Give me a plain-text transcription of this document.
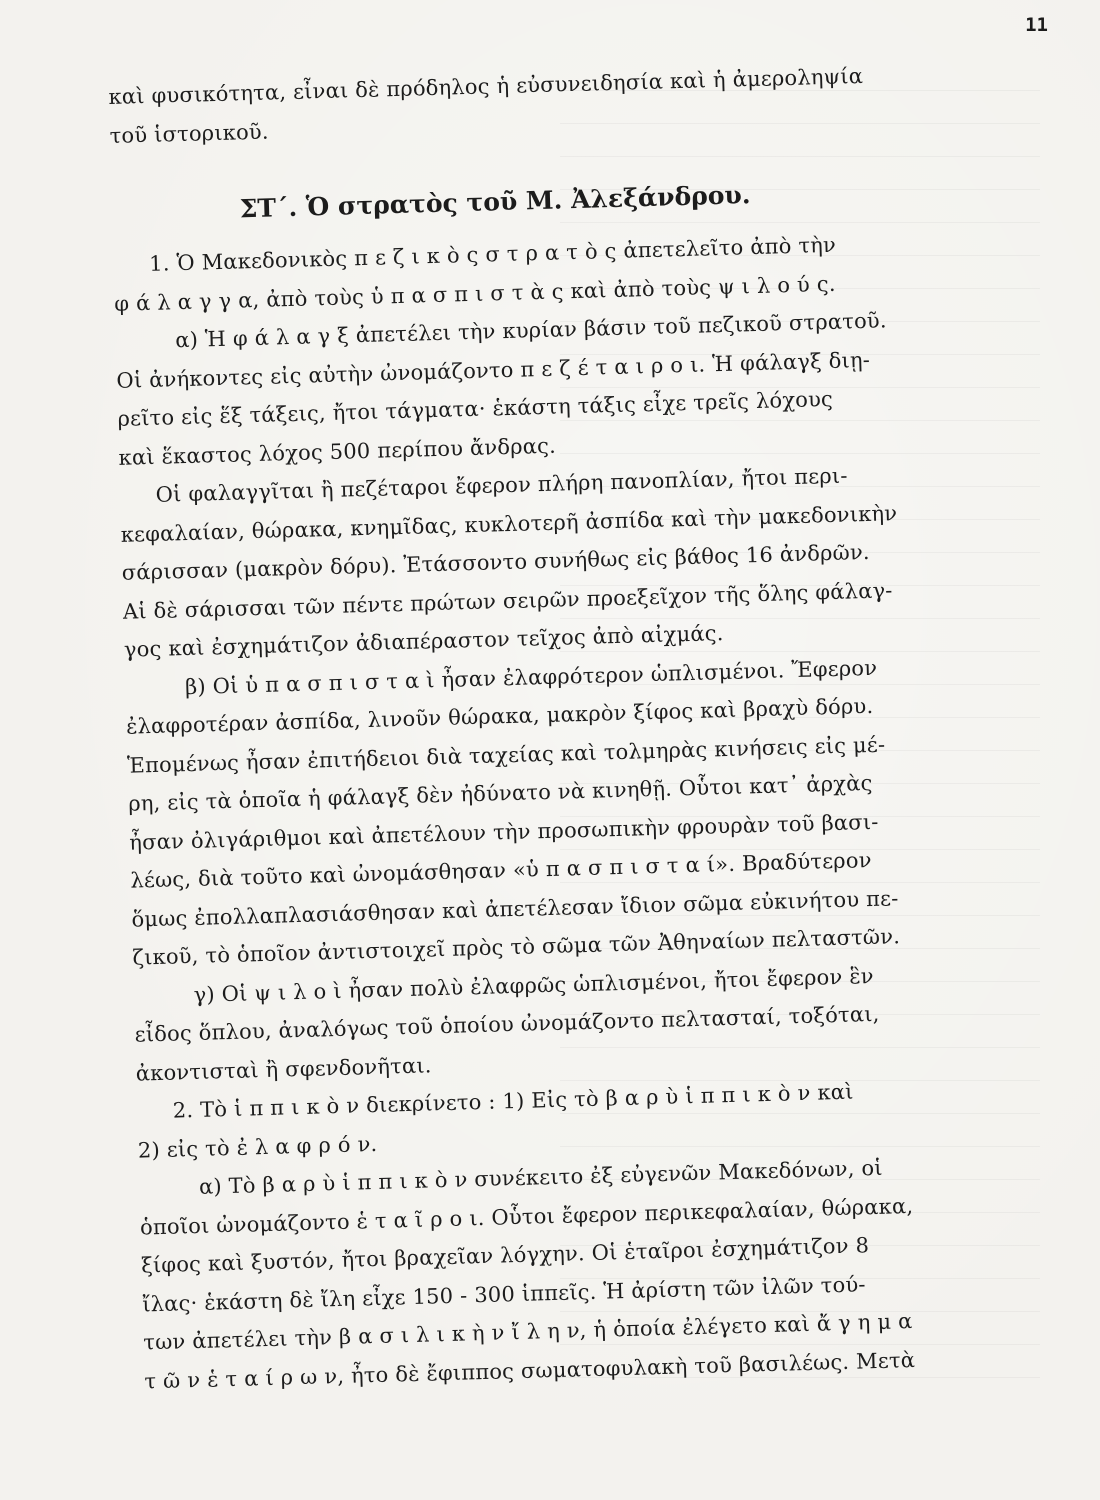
11
καὶ φυσικότητα, εἶναι δὲ πρόδηλος ἡ εὐσυνειδησία καὶ ἡ ἀμεροληψία
τοῦ ἱστορικοῦ.
ΣΤ΄. Ὁ στρατὸς τοῦ Μ. Ἀλεξάνδρου.
1. Ὁ Μακεδονικὸς π ε ζ ι κ ὸ ς σ τ ρ α τ ὸ ς ἀπετελεῖτο ἀπὸ τὴν
φ ά λ α γ γ α, ἀπὸ τοὺς ὑ π α σ π ι σ τ ὰ ς καὶ ἀπὸ τοὺς ψ ι λ ο ύ ς.
α) Ἡ φ ά λ α γ ξ ἀπετέλει τὴν κυρίαν βάσιν τοῦ πεζικοῦ στρατοῦ.
Οἱ ἀνήκοντες εἰς αὐτὴν ὠνομάζοντο π ε ζ έ τ α ι ρ ο ι. Ἡ φάλαγξ διῃ-
ρεῖτο εἰς ἕξ τάξεις, ἤτοι τάγματα· ἑκάστη τάξις εἶχε τρεῖς λόχους
καὶ ἕκαστος λόχος 500 περίπου ἄνδρας.
Οἱ φαλαγγῖται ἢ πεζέταροι ἔφερον πλήρη πανοπλίαν, ἤτοι περι-
κεφαλαίαν, θώρακα, κνημῖδας, κυκλοτερῆ ἀσπίδα καὶ τὴν μακεδονικὴν
σάρισσαν (μακρὸν δόρυ). Ἐτάσσοντο συνήθως εἰς βάθος 16 ἀνδρῶν.
Αἱ δὲ σάρισσαι τῶν πέντε πρώτων σειρῶν προεξεῖχον τῆς ὅλης φάλαγ-
γος καὶ ἐσχημάτιζον ἀδιαπέραστον τεῖχος ἀπὸ αἰχμάς.
β) Οἱ ὑ π α σ π ι σ τ α ὶ ἦσαν ἐλαφρότερον ὡπλισμένοι. Ἔφερον
ἐλαφροτέραν ἀσπίδα, λινοῦν θώρακα, μακρὸν ξίφος καὶ βραχὺ δόρυ.
Ἑπομένως ἦσαν ἐπιτήδειοι διὰ ταχείας καὶ τολμηρὰς κινήσεις εἰς μέ-
ρη, εἰς τὰ ὁποῖα ἡ φάλαγξ δὲν ἠδύνατο νὰ κινηθῇ. Οὗτοι κατ᾽ ἀρχὰς
ἦσαν ὀλιγάριθμοι καὶ ἀπετέλουν τὴν προσωπικὴν φρουρὰν τοῦ βασι-
λέως, διὰ τοῦτο καὶ ὠνομάσθησαν «ὑ π α σ π ι σ τ α ί». Βραδύτερον
ὅμως ἐπολλαπλασιάσθησαν καὶ ἀπετέλεσαν ἴδιον σῶμα εὐκινήτου πε-
ζικοῦ, τὸ ὁποῖον ἀντιστοιχεῖ πρὸς τὸ σῶμα τῶν Ἀθηναίων πελταστῶν.
γ) Οἱ ψ ι λ ο ὶ ἦσαν πολὺ ἐλαφρῶς ὡπλισμένοι, ἤτοι ἔφερον ἓν
εἶδος ὅπλου, ἀναλόγως τοῦ ὁποίου ὠνομάζοντο πελτασταί, τοξόται,
ἀκοντισταὶ ἢ σφενδονῆται.
2. Τὸ ἱ π π ι κ ὸ ν διεκρίνετο : 1) Εἰς τὸ β α ρ ὺ ἱ π π ι κ ὸ ν καὶ
2) εἰς τὸ ἐ λ α φ ρ ό ν.
α) Τὸ β α ρ ὺ ἱ π π ι κ ὸ ν συνέκειτο ἐξ εὐγενῶν Μακεδόνων, οἱ
ὁποῖοι ὠνομάζοντο ἑ τ α ῖ ρ ο ι. Οὗτοι ἔφερον περικεφαλαίαν, θώρακα,
ξίφος καὶ ξυστόν, ἤτοι βραχεῖαν λόγχην. Οἱ ἑταῖροι ἐσχημάτιζον 8
ἴλας· ἑκάστη δὲ ἴλη εἶχε 150 - 300 ἱππεῖς. Ἡ ἀρίστη τῶν ἰλῶν τού-
των ἀπετέλει τὴν β α σ ι λ ι κ ὴ ν ἴ λ η ν, ἡ ὁποία ἐλέγετο καὶ ἄ γ η μ α
τ ῶ ν ἑ τ α ί ρ ω ν, ἦτο δὲ ἔφιππος σωματοφυλακὴ τοῦ βασιλέως. Μετὰ
